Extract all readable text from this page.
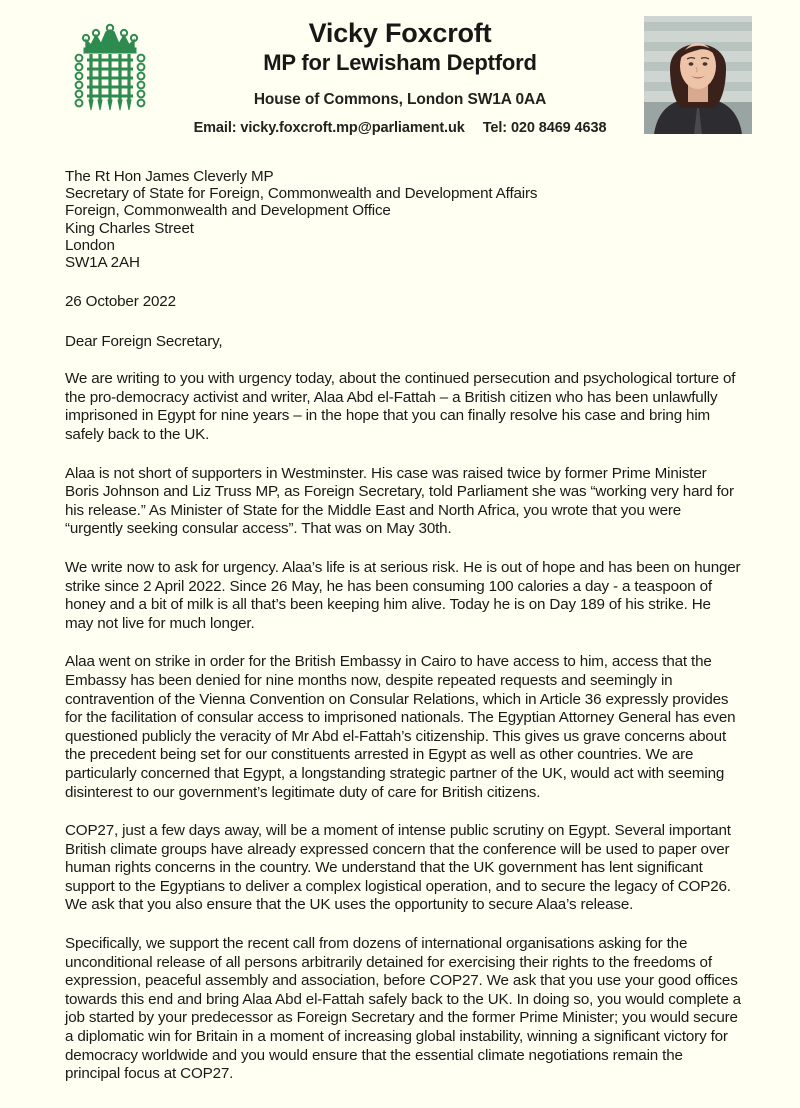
Vicky Foxcroft
MP for Lewisham Deptford
House of Commons, London SW1A 0AA
Email: vicky.foxcroft.mp@parliament.uk Tel: 020 8469 4638
The Rt Hon James Cleverly MP
Secretary of State for Foreign, Commonwealth and Development Affairs
Foreign, Commonwealth and Development Office
King Charles Street
London
SW1A 2AH
26 October 2022
Dear Foreign Secretary,

We are writing to you with urgency today, about the continued persecution and psychological torture of the pro-democracy activist and writer, Alaa Abd el-Fattah – a British citizen who has been unlawfully imprisoned in Egypt for nine years – in the hope that you can finally resolve his case and bring him safely back to the UK.

Alaa is not short of supporters in Westminster. His case was raised twice by former Prime Minister Boris Johnson and Liz Truss MP, as Foreign Secretary, told Parliament she was “working very hard for his release.” As Minister of State for the Middle East and North Africa, you wrote that you were “urgently seeking consular access”. That was on May 30th.

We write now to ask for urgency. Alaa’s life is at serious risk. He is out of hope and has been on hunger strike since 2 April 2022. Since 26 May, he has been consuming 100 calories a day - a teaspoon of honey and a bit of milk is all that’s been keeping him alive. Today he is on Day 189 of his strike. He may not live for much longer.

Alaa went on strike in order for the British Embassy in Cairo to have access to him, access that the Embassy has been denied for nine months now, despite repeated requests and seemingly in contravention of the Vienna Convention on Consular Relations, which in Article 36 expressly provides for the facilitation of consular access to imprisoned nationals. The Egyptian Attorney General has even questioned publicly the veracity of Mr Abd el-Fattah’s citizenship. This gives us grave concerns about the precedent being set for our constituents arrested in Egypt as well as other countries. We are particularly concerned that Egypt, a longstanding strategic partner of the UK, would act with seeming disinterest to our government’s legitimate duty of care for British citizens.

COP27, just a few days away, will be a moment of intense public scrutiny on Egypt. Several important British climate groups have already expressed concern that the conference will be used to paper over human rights concerns in the country. We understand that the UK government has lent significant support to the Egyptians to deliver a complex logistical operation, and to secure the legacy of COP26. We ask that you also ensure that the UK uses the opportunity to secure Alaa’s release.

Specifically, we support the recent call from dozens of international organisations asking for the unconditional release of all persons arbitrarily detained for exercising their rights to the freedoms of expression, peaceful assembly and association, before COP27. We ask that you use your good offices towards this end and bring Alaa Abd el-Fattah safely back to the UK. In doing so, you would complete a job started by your predecessor as Foreign Secretary and the former Prime Minister; you would secure a diplomatic win for Britain in a moment of increasing global instability, winning a significant victory for democracy worldwide and you would ensure that the essential climate negotiations remain the principal focus at COP27.
